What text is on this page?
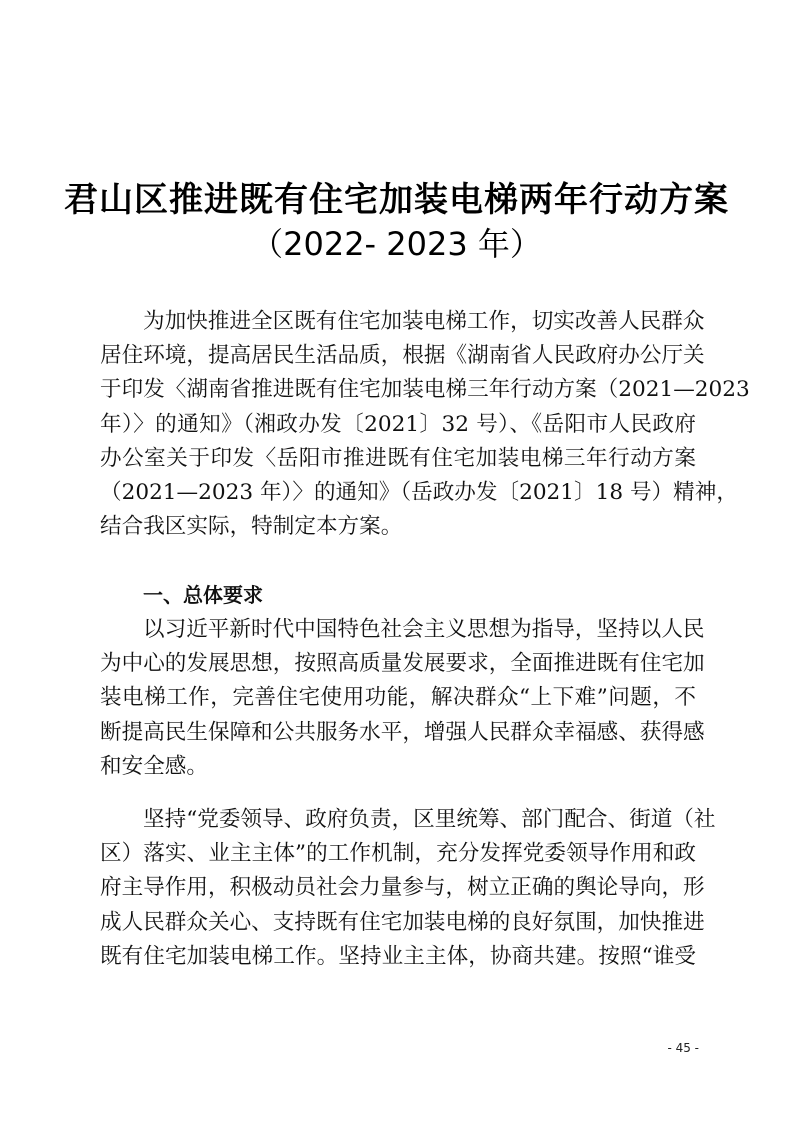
君山区推进既有住宅加装电梯两年行动方案
（2022- 2023 年）
为加快推进全区既有住宅加装电梯工作，切实改善人民群众
居住环境，提高居民生活品质，根据《湖南省人民政府办公厅关
于印发〈湖南省推进既有住宅加装电梯三年行动方案（2021—2023
年）〉的通知》（湘政办发〔2021〕32 号）、《岳阳市人民政府
办公室关于印发〈岳阳市推进既有住宅加装电梯三年行动方案
（2021—2023 年）〉的通知》（岳政办发〔2021〕18 号）精神，
结合我区实际，特制定本方案。
一、总体要求
以习近平新时代中国特色社会主义思想为指导，坚持以人民
为中心的发展思想，按照高质量发展要求，全面推进既有住宅加
装电梯工作，完善住宅使用功能，解决群众“上下难”问题，不
断提高民生保障和公共服务水平，增强人民群众幸福感、获得感
和安全感。
坚持“党委领导、政府负责，区里统筹、部门配合、街道（社
区）落实、业主主体”的工作机制，充分发挥党委领导作用和政
府主导作用，积极动员社会力量参与，树立正确的舆论导向，形
成人民群众关心、支持既有住宅加装电梯的良好氛围，加快推进
既有住宅加装电梯工作。坚持业主主体，协商共建。按照“谁受
- 45 -
